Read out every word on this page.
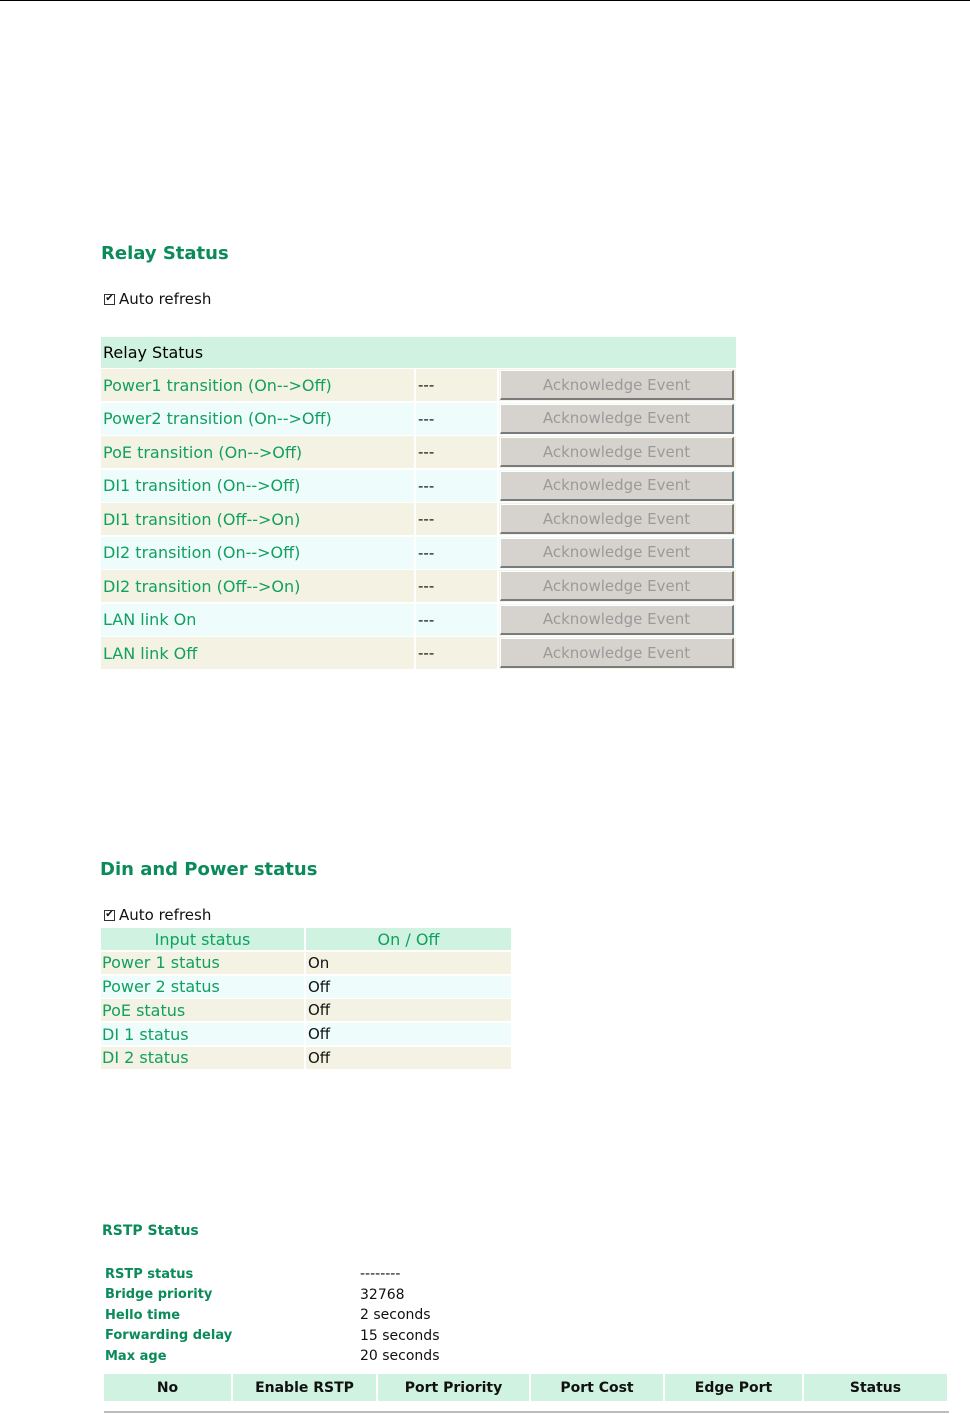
Relay Status
✔ Auto refresh
Relay Status
Power1 transition (On-->Off)	---	Acknowledge Event
Power2 transition (On-->Off)	---	Acknowledge Event
PoE transition (On-->Off)	---	Acknowledge Event
DI1 transition (On-->Off)	---	Acknowledge Event
DI1 transition (Off-->On)	---	Acknowledge Event
DI2 transition (On-->Off)	---	Acknowledge Event
DI2 transition (Off-->On)	---	Acknowledge Event
LAN link On	---	Acknowledge Event
LAN link Off	---	Acknowledge Event
Din and Power status
✔ Auto refresh
Input status	On / Off
Power 1 status	On
Power 2 status	Off
PoE status	Off
DI 1 status	Off
DI 2 status	Off
RSTP Status
RSTP status	--------
Bridge priority	32768
Hello time	2 seconds
Forwarding delay	15 seconds
Max age	20 seconds
No	Enable RSTP	Port Priority	Port Cost	Edge Port	Status
